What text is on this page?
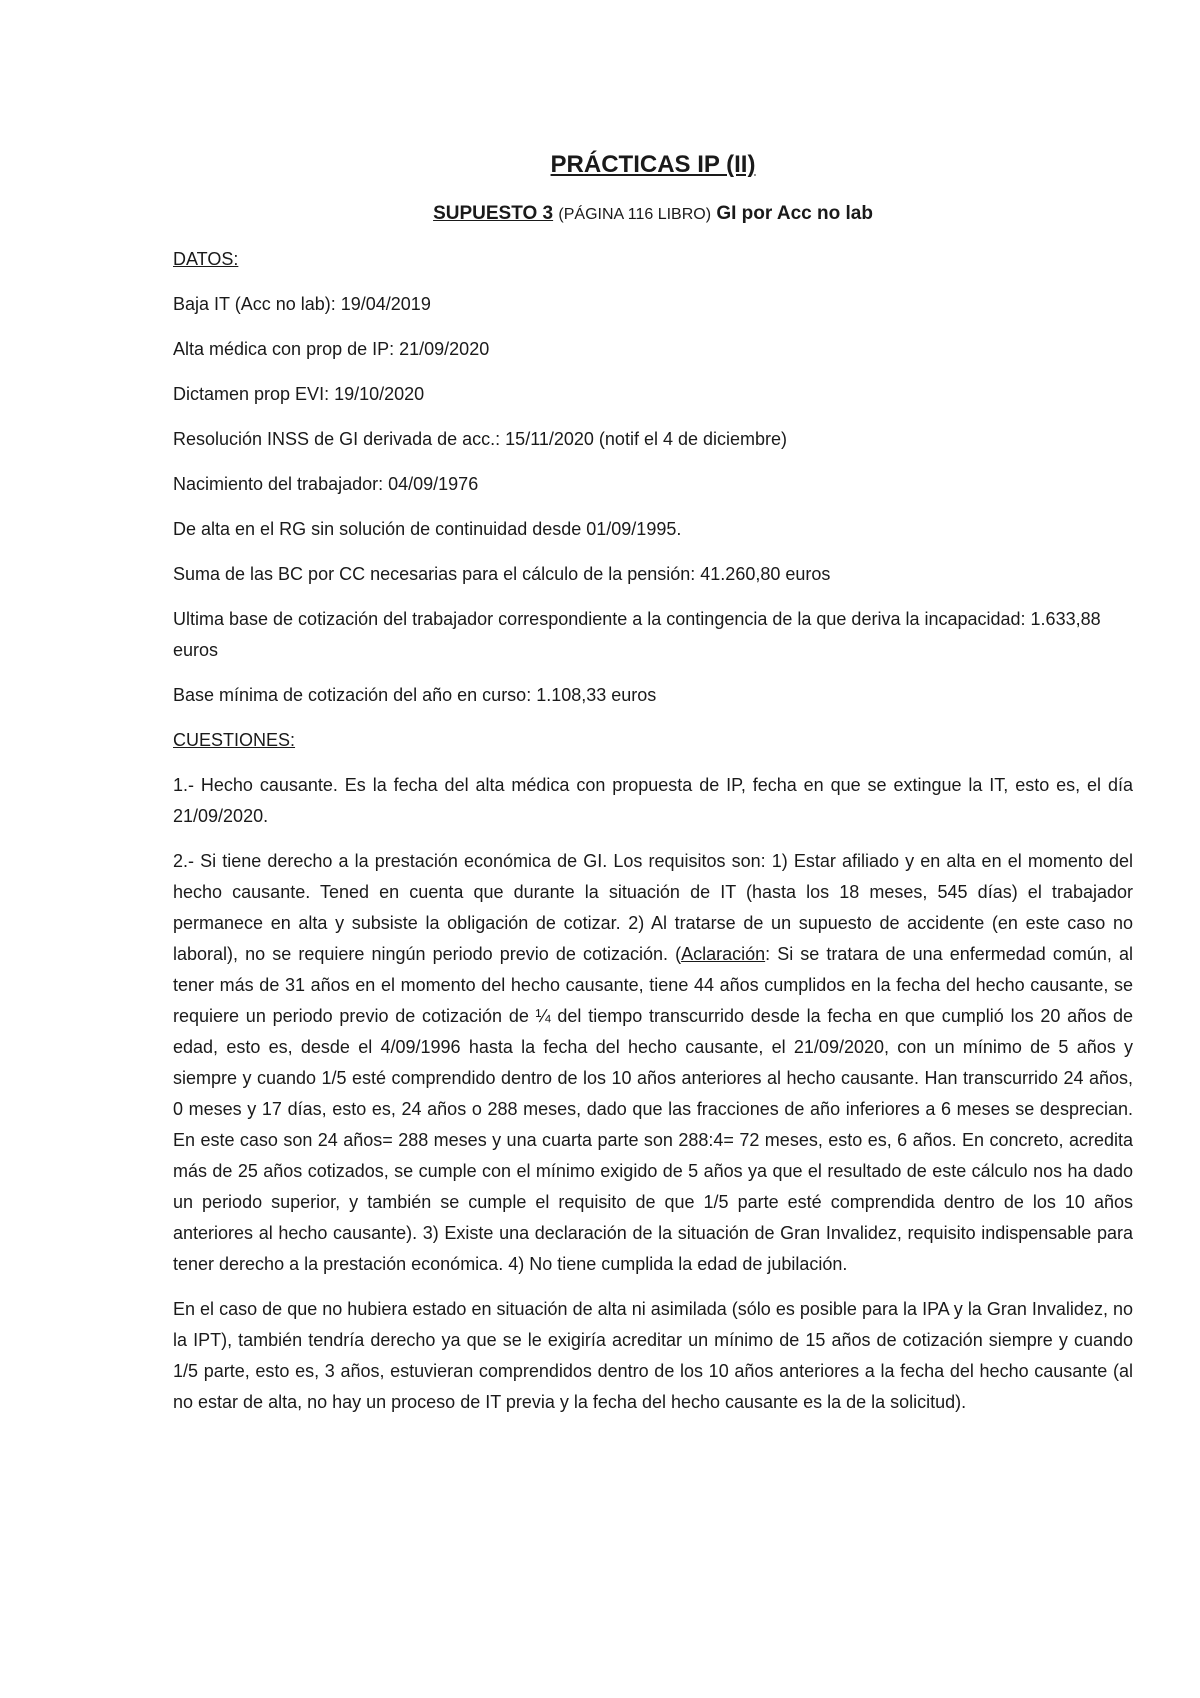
PRÁCTICAS IP (II)
SUPUESTO 3 (PÁGINA 116 LIBRO) GI por Acc no lab
DATOS:
Baja IT (Acc no lab): 19/04/2019
Alta médica con prop de IP: 21/09/2020
Dictamen prop EVI: 19/10/2020
Resolución INSS de GI derivada de acc.: 15/11/2020 (notif el 4 de diciembre)
Nacimiento del trabajador: 04/09/1976
De alta en el RG sin solución de continuidad desde 01/09/1995.
Suma de las BC por CC necesarias para el cálculo de la pensión: 41.260,80 euros
Ultima base de cotización del trabajador correspondiente a la contingencia de la que deriva la incapacidad: 1.633,88 euros
Base mínima de cotización del año en curso: 1.108,33 euros
CUESTIONES:
1.- Hecho causante. Es la fecha del alta médica con propuesta de IP, fecha en que se extingue la IT, esto es, el día 21/09/2020.
2.- Si tiene derecho a la prestación económica de GI. Los requisitos son: 1) Estar afiliado y en alta en el momento del hecho causante. Tened en cuenta que durante la situación de IT (hasta los 18 meses, 545 días) el trabajador permanece en alta y subsiste la obligación de cotizar. 2) Al tratarse de un supuesto de accidente (en este caso no laboral), no se requiere ningún periodo previo de cotización. (Aclaración: Si se tratara de una enfermedad común, al tener más de 31 años en el momento del hecho causante, tiene 44 años cumplidos en la fecha del hecho causante, se requiere un periodo previo de cotización de ¼ del tiempo transcurrido desde la fecha en que cumplió los 20 años de edad, esto es, desde el 4/09/1996 hasta la fecha del hecho causante, el 21/09/2020, con un mínimo de 5 años y siempre y cuando 1/5 esté comprendido dentro de los 10 años anteriores al hecho causante. Han transcurrido 24 años, 0 meses y 17 días, esto es, 24 años o 288 meses, dado que las fracciones de año inferiores a 6 meses se desprecian. En este caso son 24 años= 288 meses y una cuarta parte son 288:4= 72 meses, esto es, 6 años. En concreto, acredita más de 25 años cotizados, se cumple con el mínimo exigido de 5 años ya que el resultado de este cálculo nos ha dado un periodo superior, y también se cumple el requisito de que 1/5 parte esté comprendida dentro de los 10 años anteriores al hecho causante). 3) Existe una declaración de la situación de Gran Invalidez, requisito indispensable para tener derecho a la prestación económica. 4) No tiene cumplida la edad de jubilación.
En el caso de que no hubiera estado en situación de alta ni asimilada (sólo es posible para la IPA y la Gran Invalidez, no la IPT), también tendría derecho ya que se le exigiría acreditar un mínimo de 15 años de cotización siempre y cuando 1/5 parte, esto es, 3 años, estuvieran comprendidos dentro de los 10 años anteriores a la fecha del hecho causante (al no estar de alta, no hay un proceso de IT previa y la fecha del hecho causante es la de la solicitud).
